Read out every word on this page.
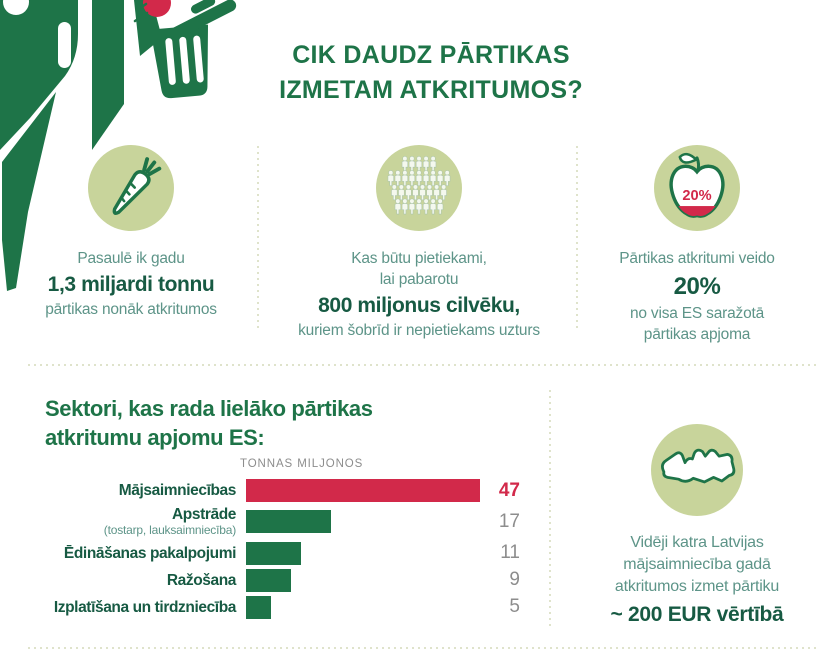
CIK DAUDZ PĀRTIKAS
IZMETAM ATKRITUMOS?
Pasaulē ik gadu
1,3 miljardi tonnu
pārtikas nonāk atkritumos
Kas būtu pietiekami,
lai pabarotu
800 miljonus cilvēku,
kuriem šobrīd ir nepietiekams uzturs
20%
Pārtikas atkritumi veido
20%
no visa ES saražotā
pārtikas apjoma
Sektori, kas rada lielāko pārtikas
atkritumu apjomu ES:
TONNAS MILJONOS
Mājsaimniecības	47
Apstrāde
(tostarp, lauksaimniecība)	17
Ēdināšanas pakalpojumi	11
Ražošana	9
Izplatīšana un tirdzniecība	5
Vidēji katra Latvijas
mājsaimniecība gadā
atkritumos izmet pārtiku
~ 200 EUR vērtībā
